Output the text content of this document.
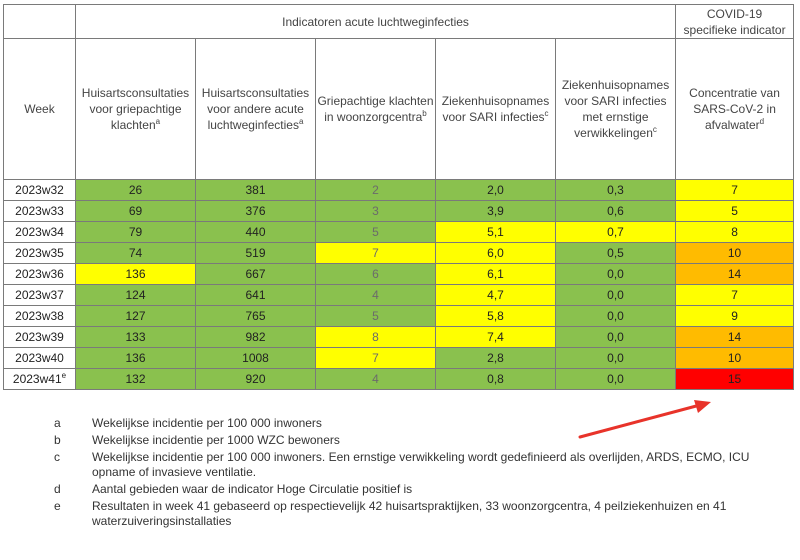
	Indicatoren acute luchtweginfecties					COVID-19
specifieke indicator
Week	Huisartsconsultaties voor griepachtige klachten$^a$	Huisartsconsultaties voor andere acute luchtweginfecties$^a$	Griepachtige klachten in woonzorgcentra$^b$	Ziekenhuisopnames voor SARI infecties$^c$	Ziekenhuisopnames voor SARI infecties met ernstige verwikkelingen$^c$	Concentratie van SARS-CoV-2 in afvalwater$^d$
2023w32	26	381	2	2,0	0,3	7
2023w33	69	376	3	3,9	0,6	5
2023w34	79	440	5	5,1	0,7	8
2023w35	74	519	7	6,0	0,5	10
2023w36	136	667	6	6,1	0,0	14
2023w37	124	641	4	4,7	0,0	7
2023w38	127	765	5	5,8	0,0	9
2023w39	133	982	8	7,4	0,0	14
2023w40	136	1008	7	2,8	0,0	10
2023w41e	132	920	4	0,8	0,0	15
a	Wekelijkse incidentie per 100 000 inwoners
b	Wekelijkse incidentie per 1000 WZC bewoners
c	Wekelijkse incidentie per 100 000 inwoners. Een ernstige verwikkeling wordt gedefinieerd als overlijden, ARDS, ECMO, ICU opname of invasieve ventilatie.
d	Aantal gebieden waar de indicator Hoge Circulatie positief is
e	Resultaten in week 41 gebaseerd op respectievelijk 42 huisartspraktijken, 33 woonzorgcentra, 4 peilziekenhuizen en 41 waterzuiveringsinstallaties
